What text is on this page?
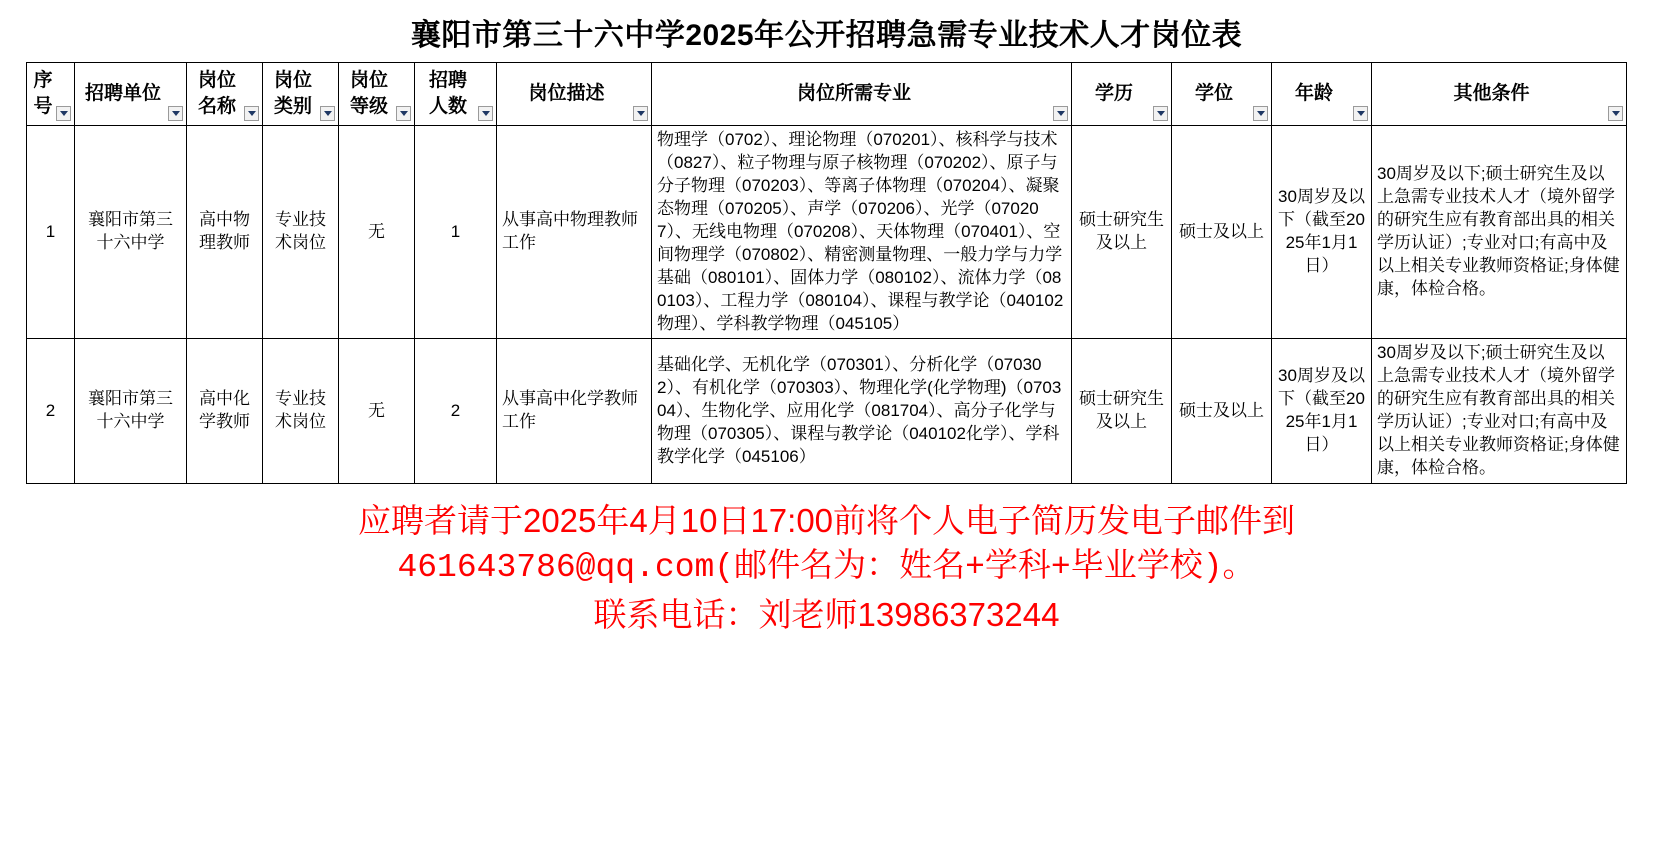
襄阳市第三十六中学2025年公开招聘急需专业技术人才岗位表
序号	招聘单位	岗位名称	岗位类别	岗位等级	招聘人数	岗位描述	岗位所需专业	学历	学位	年龄	其他条件

1	襄阳市第三十六中学	高中物理教师	专业技术岗位	无	1	从事高中物理教师工作	物理学（0702）、理论物理（070201）、核科学与技术（0827）、粒子物理与原子核物理（070202）、原子与分子物理（070203）、等离子体物理（070204）、凝聚态物理（070205）、声学（070206）、光学（070207）、无线电物理（070208）、天体物理（070401）、空间物理学（070802）、精密测量物理、一般力学与力学基础（080101）、固体力学（080102）、流体力学（080103）、工程力学（080104）、课程与教学论（040102物理）、学科教学物理（045105）	硕士研究生及以上	硕士及以上	30周岁及以下（截至2025年1月1日）	30周岁及以下;硕士研究生及以上急需专业技术人才（境外留学的研究生应有教育部出具的相关学历认证）;专业对口;有高中及以上相关专业教师资格证;身体健康，体检合格。
2	襄阳市第三十六中学	高中化学教师	专业技术岗位	无	2	从事高中化学教师工作	基础化学、无机化学（070301）、分析化学（070302）、有机化学（070303）、物理化学(化学物理)（070304）、生物化学、应用化学（081704）、高分子化学与物理（070305）、课程与教学论（040102化学）、学科教学化学（045106）	硕士研究生及以上	硕士及以上	30周岁及以下（截至2025年1月1日）	30周岁及以下;硕士研究生及以上急需专业技术人才（境外留学的研究生应有教育部出具的相关学历认证）;专业对口;有高中及以上相关专业教师资格证;身体健康，体检合格。
应聘者请于2025年4月10日17:00前将个人电子简历发电子邮件到
461643786@qq.com(邮件名为：姓名+学科+毕业学校)。
联系电话：刘老师13986373244
